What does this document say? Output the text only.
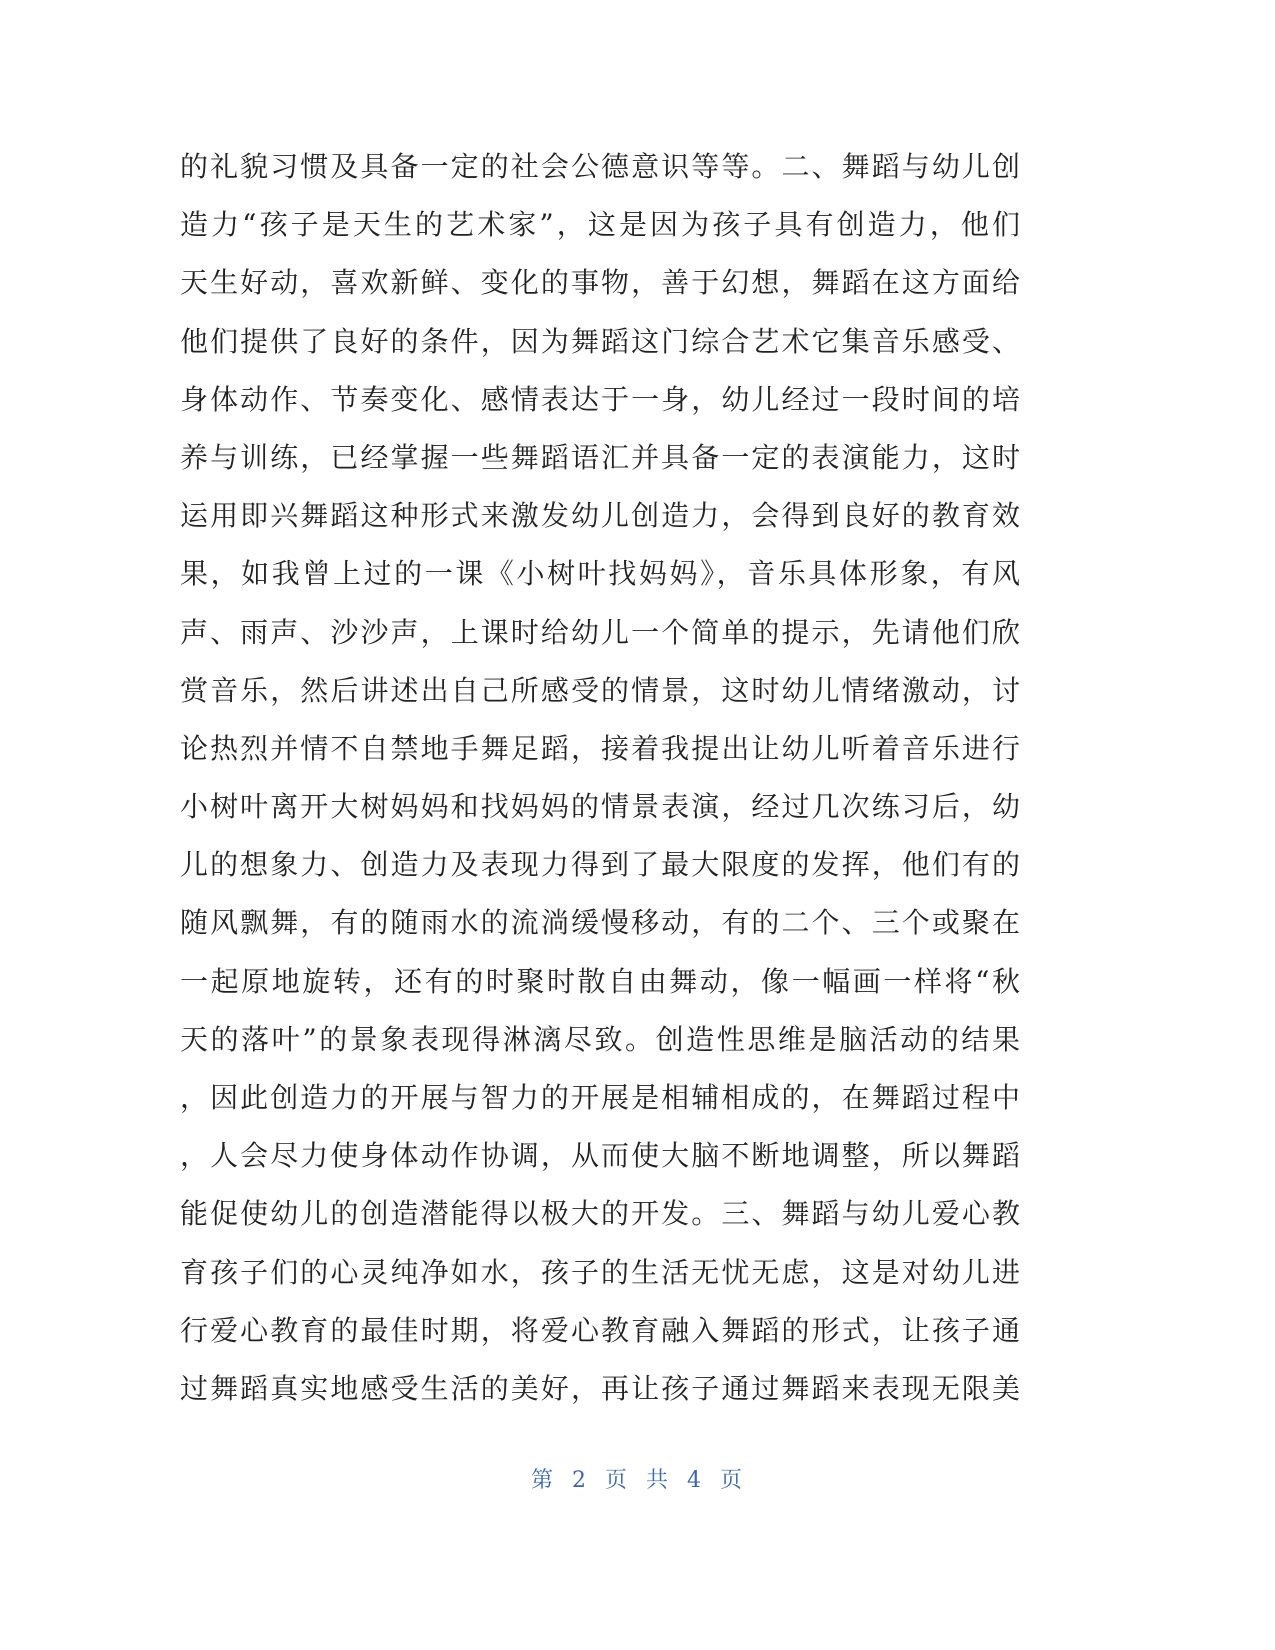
的礼貌习惯及具备一定的社会公德意识等等。二、舞蹈与幼儿创
造力“孩子是天生的艺术家”，这是因为孩子具有创造力，他们
天生好动，喜欢新鲜、变化的事物，善于幻想，舞蹈在这方面给
他们提供了良好的条件，因为舞蹈这门综合艺术它集音乐感受、
身体动作、节奏变化、感情表达于一身，幼儿经过一段时间的培
养与训练，已经掌握一些舞蹈语汇并具备一定的表演能力，这时
运用即兴舞蹈这种形式来激发幼儿创造力，会得到良好的教育效
果，如我曾上过的一课《小树叶找妈妈》，音乐具体形象，有风
声、雨声、沙沙声，上课时给幼儿一个简单的提示，先请他们欣
赏音乐，然后讲述出自己所感受的情景，这时幼儿情绪激动，讨
论热烈并情不自禁地手舞足蹈，接着我提出让幼儿听着音乐进行
小树叶离开大树妈妈和找妈妈的情景表演，经过几次练习后，幼
儿的想象力、创造力及表现力得到了最大限度的发挥，他们有的
随风飘舞，有的随雨水的流淌缓慢移动，有的二个、三个或聚在
一起原地旋转，还有的时聚时散自由舞动，像一幅画一样将“秋
天的落叶”的景象表现得淋漓尽致。创造性思维是脑活动的结果
，因此创造力的开展与智力的开展是相辅相成的，在舞蹈过程中
，人会尽力使身体动作协调，从而使大脑不断地调整，所以舞蹈
能促使幼儿的创造潜能得以极大的开发。三、舞蹈与幼儿爱心教
育孩子们的心灵纯净如水，孩子的生活无忧无虑，这是对幼儿进
行爱心教育的最佳时期，将爱心教育融入舞蹈的形式，让孩子通
过舞蹈真实地感受生活的美好，再让孩子通过舞蹈来表现无限美
第 2 页 共 4 页
